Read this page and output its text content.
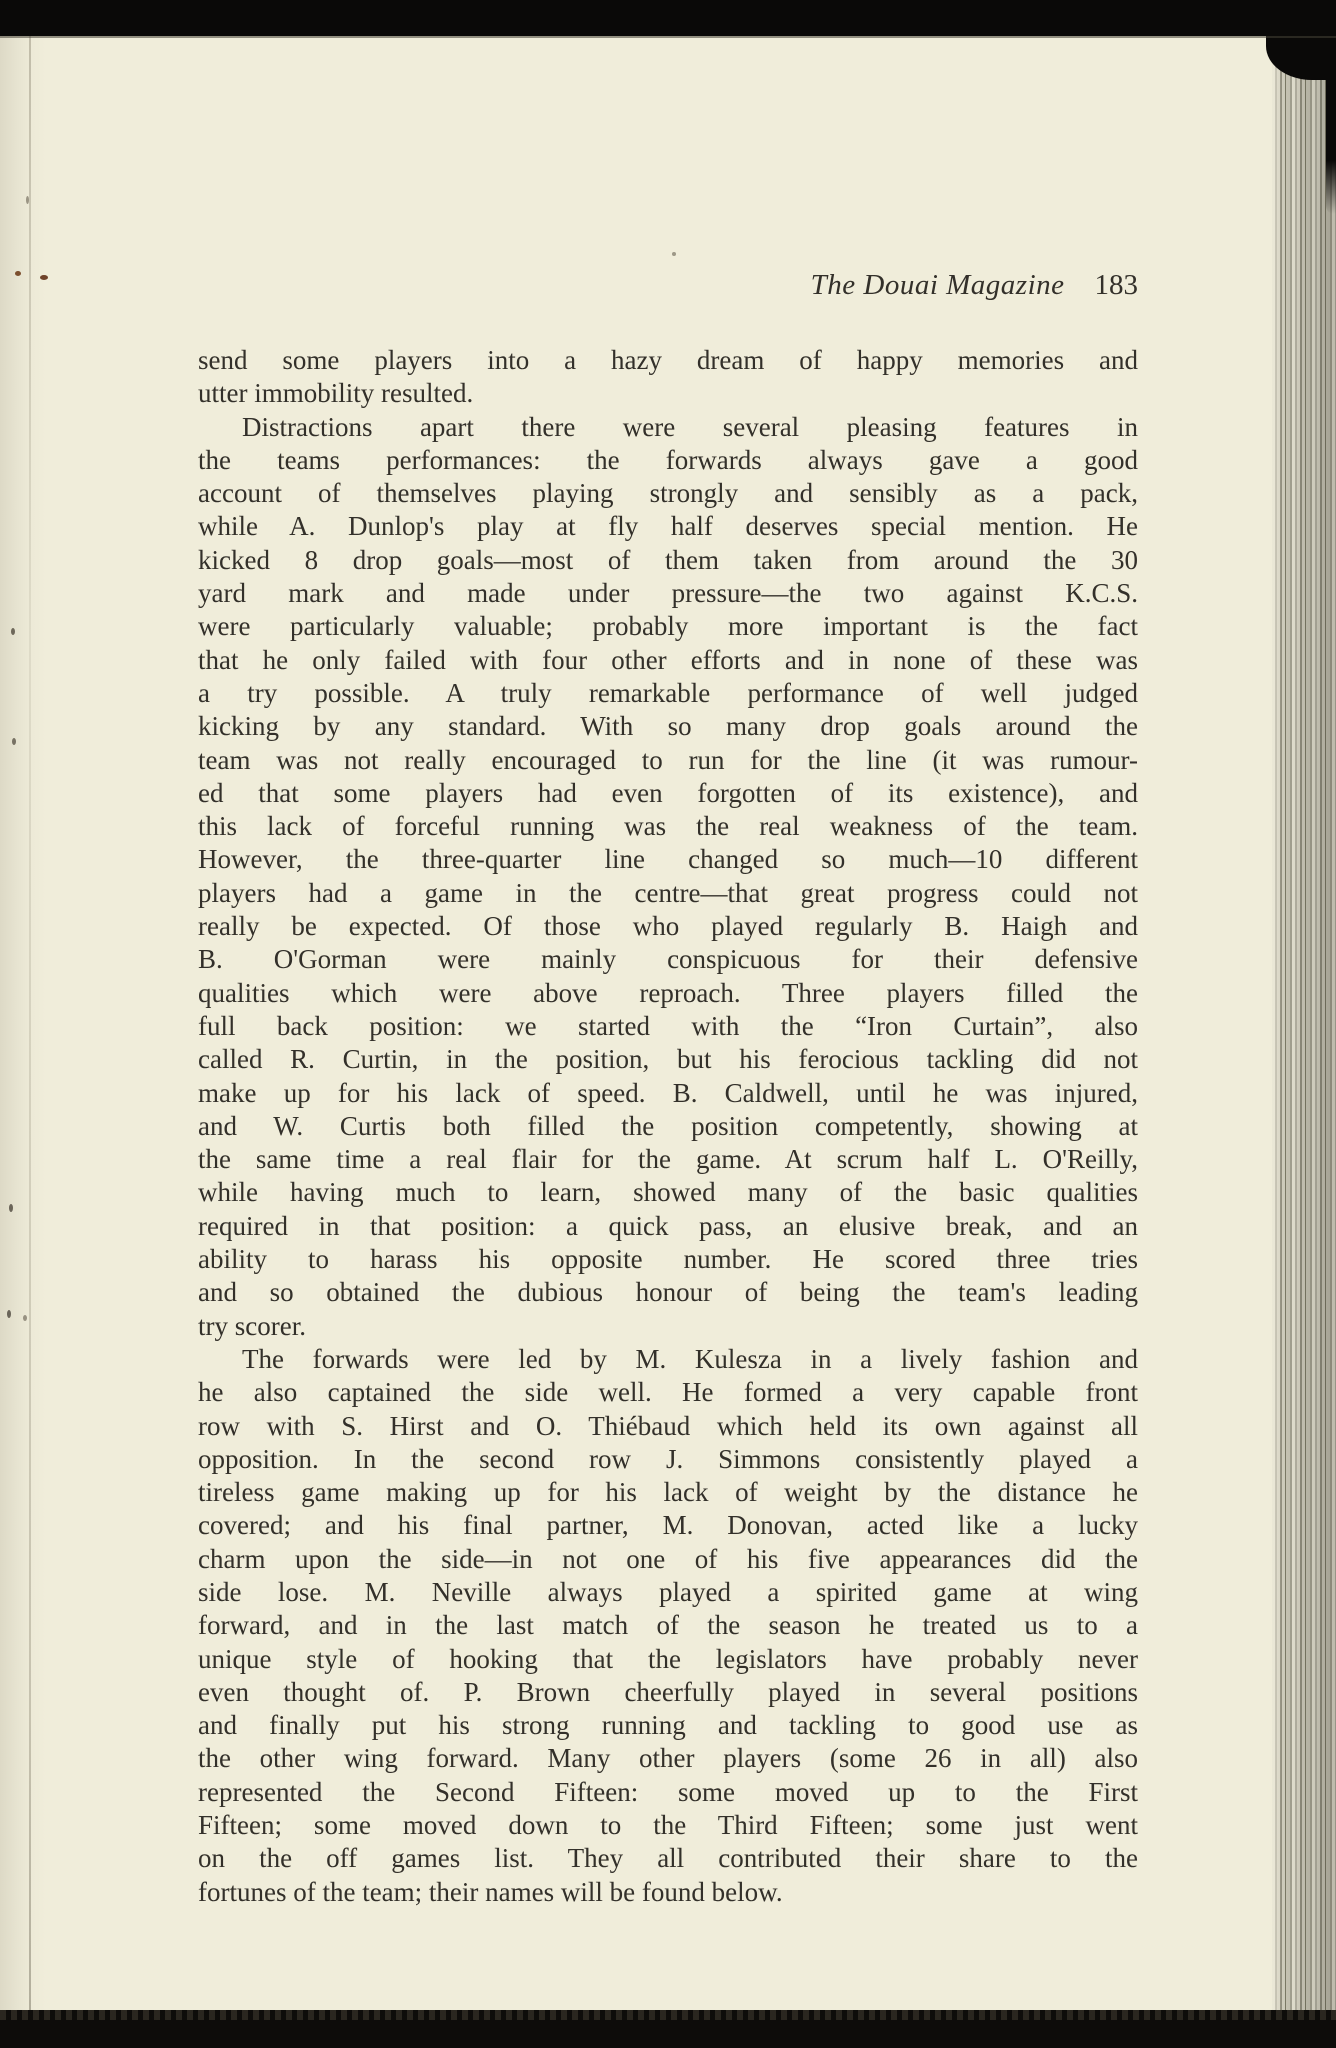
The Douai Magazine 183
send some players into a hazy dream of happy memories and
utter immobility resulted.
Distractions apart there were several pleasing features in
the teams performances: the forwards always gave a good
account of themselves playing strongly and sensibly as a pack,
while A. Dunlop's play at fly half deserves special mention. He
kicked 8 drop goals—most of them taken from around the 30
yard mark and made under pressure—the two against K.C.S.
were particularly valuable; probably more important is the fact
that he only failed with four other efforts and in none of these was
a try possible. A truly remarkable performance of well judged
kicking by any standard. With so many drop goals around the
team was not really encouraged to run for the line (it was rumour-
ed that some players had even forgotten of its existence), and
this lack of forceful running was the real weakness of the team.
However, the three-quarter line changed so much—10 different
players had a game in the centre—that great progress could not
really be expected. Of those who played regularly B. Haigh and
B. O'Gorman were mainly conspicuous for their defensive
qualities which were above reproach. Three players filled the
full back position: we started with the “Iron Curtain”, also
called R. Curtin, in the position, but his ferocious tackling did not
make up for his lack of speed. B. Caldwell, until he was injured,
and W. Curtis both filled the position competently, showing at
the same time a real flair for the game. At scrum half L. O'Reilly,
while having much to learn, showed many of the basic qualities
required in that position: a quick pass, an elusive break, and an
ability to harass his opposite number. He scored three tries
and so obtained the dubious honour of being the team's leading
try scorer.
The forwards were led by M. Kulesza in a lively fashion and
he also captained the side well. He formed a very capable front
row with S. Hirst and O. Thiébaud which held its own against all
opposition. In the second row J. Simmons consistently played a
tireless game making up for his lack of weight by the distance he
covered; and his final partner, M. Donovan, acted like a lucky
charm upon the side—in not one of his five appearances did the
side lose. M. Neville always played a spirited game at wing
forward, and in the last match of the season he treated us to a
unique style of hooking that the legislators have probably never
even thought of. P. Brown cheerfully played in several positions
and finally put his strong running and tackling to good use as
the other wing forward. Many other players (some 26 in all) also
represented the Second Fifteen: some moved up to the First
Fifteen; some moved down to the Third Fifteen; some just went
on the off games list. They all contributed their share to the
fortunes of the team; their names will be found below.
